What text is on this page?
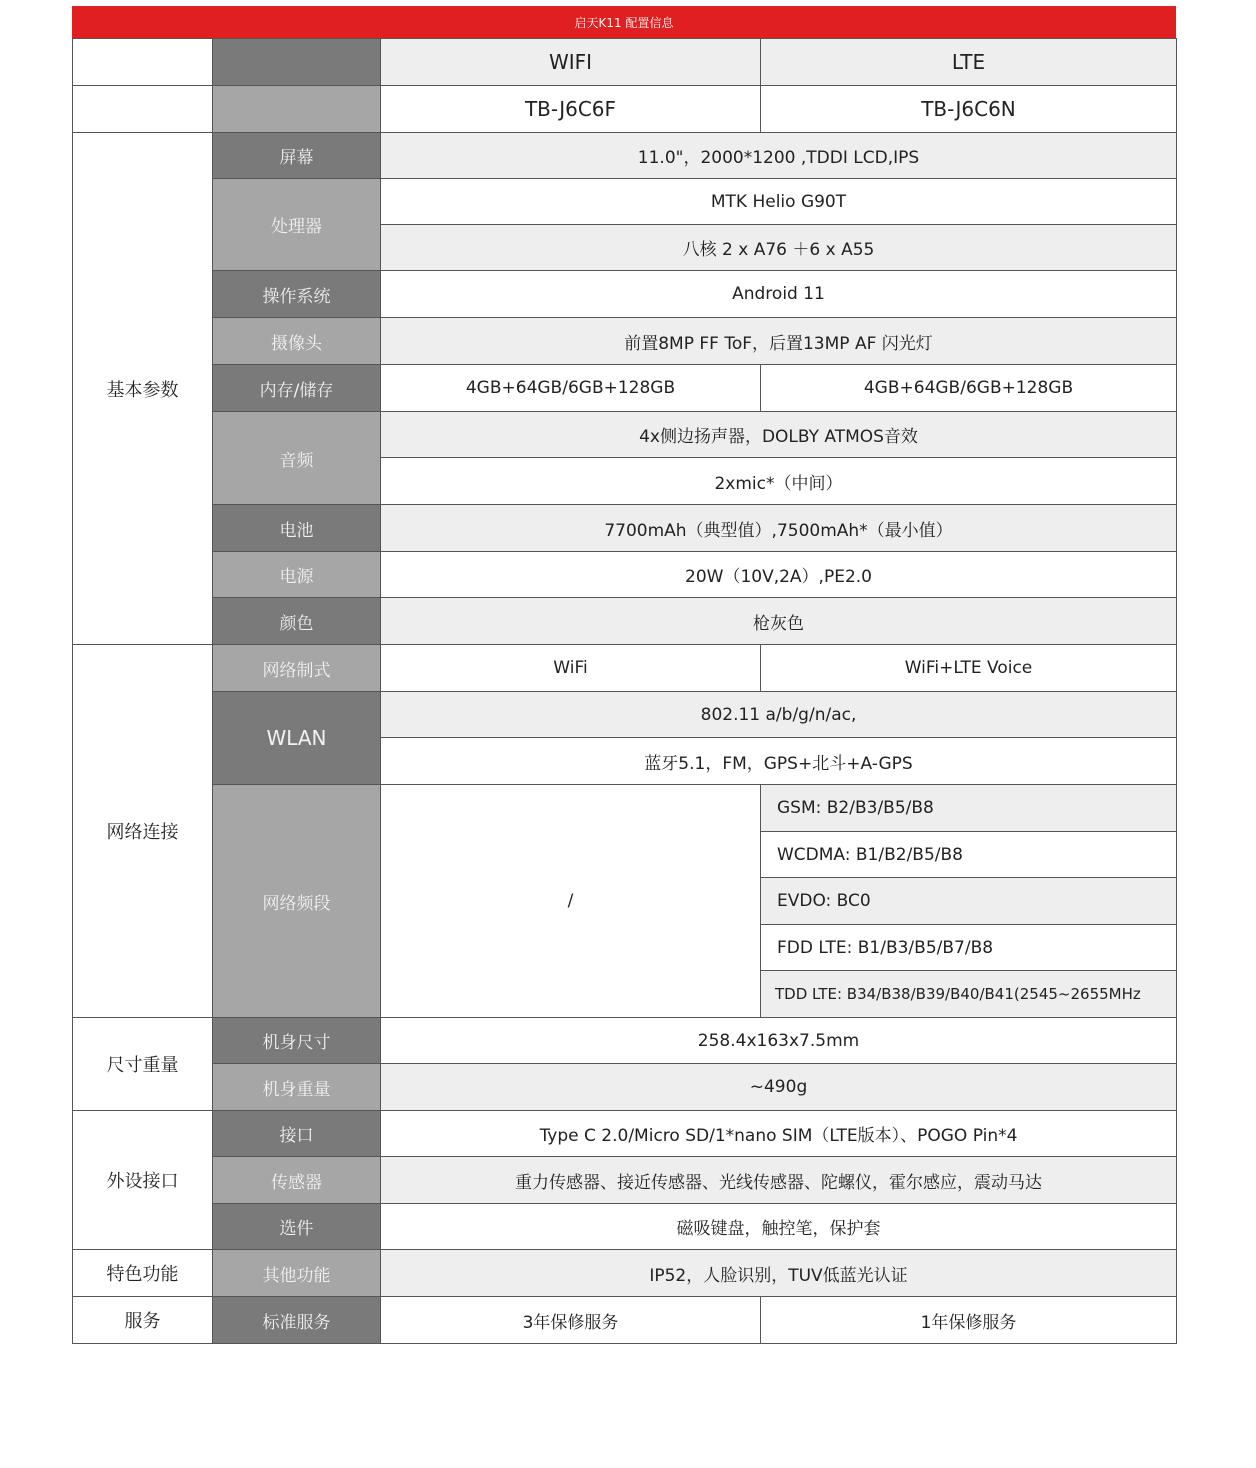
启天K11 配置信息
		WIFI	LTE
		TB-J6C6F	TB-J6C6N
基本参数	屏幕	11.0"，2000*1200 ,TDDI LCD,IPS	
	处理器	MTK Helio G90T	
		八核 2 x A76 ＋6 x A55	
	操作系统	Android 11	
	摄像头	前置8MP FF ToF，后置13MP AF 闪光灯	
	内存/储存	4GB+64GB/6GB+128GB	4GB+64GB/6GB+128GB
	音频	4x侧边扬声器，DOLBY ATMOS音效	
		2xmic*（中间）	
	电池	7700mAh（典型值）,7500mAh*（最小值）	
	电源	20W（10V,2A）,PE2.0	
	颜色	枪灰色	
网络连接	网络制式	WiFi	WiFi+LTE Voice
	WLAN	802.11 a/b/g/n/ac,	
		蓝牙5.1，FM，GPS+北斗+A-GPS	
	网络频段	/	GSM: B2/B3/B5/B8
			WCDMA: B1/B2/B5/B8
			EVDO: BC0
			FDD LTE: B1/B3/B5/B7/B8
			TDD LTE: B34/B38/B39/B40/B41(2545~2655MHz
尺寸重量	机身尺寸	258.4x163x7.5mm	
	机身重量	~490g	
外设接口	接口	Type C 2.0/Micro SD/1*nano SIM（LTE版本）、POGO Pin*4	
	传感器	重力传感器、接近传感器、光线传感器、陀螺仪，霍尔感应，震动马达	
	选件	磁吸键盘，触控笔，保护套	
特色功能	其他功能	IP52，人脸识别，TUV低蓝光认证	
服务	标准服务	3年保修服务	1年保修服务
